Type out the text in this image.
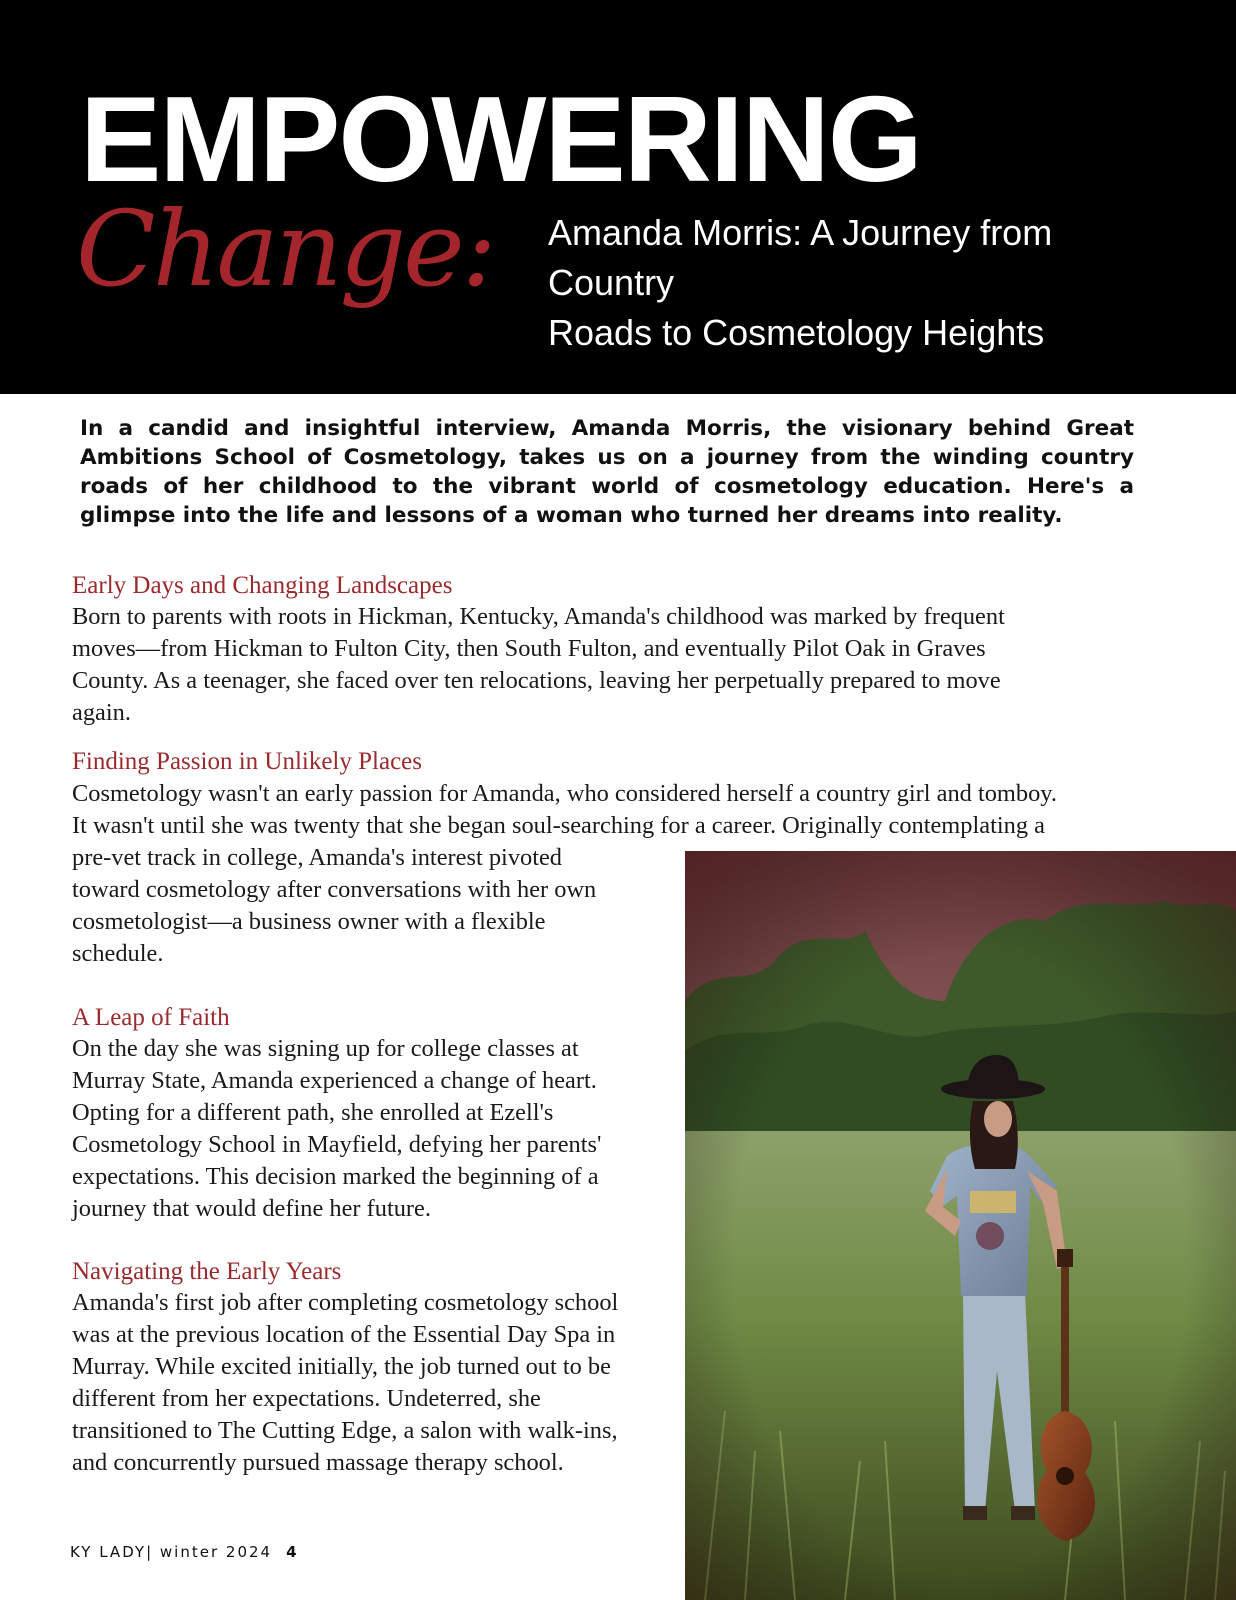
EMPOWERING
Change: Amanda Morris: A Journey from Country
Roads to Cosmetology Heights

In a candid and insightful interview, Amanda Morris, the visionary behind Great Ambitions School of Cosmetology, takes us on a journey from the winding country roads of her childhood to the vibrant world of cosmetology education. Here's a glimpse into the life and lessons of a woman who turned her dreams into reality.

Early Days and Changing Landscapes
Born to parents with roots in Hickman, Kentucky, Amanda's childhood was marked by frequent
moves—from Hickman to Fulton City, then South Fulton, and eventually Pilot Oak in Graves
County. As a teenager, she faced over ten relocations, leaving her perpetually prepared to move
again.
Finding Passion in Unlikely Places
Cosmetology wasn't an early passion for Amanda, who considered herself a country girl and tomboy.
It wasn't until she was twenty that she began soul-searching for a career. Originally contemplating a
pre-vet track in college, Amanda's interest pivoted
toward cosmetology after conversations with her own
cosmetologist—a business owner with a flexible
schedule.
A Leap of Faith
On the day she was signing up for college classes at
Murray State, Amanda experienced a change of heart.
Opting for a different path, she enrolled at Ezell's
Cosmetology School in Mayfield, defying her parents'
expectations. This decision marked the beginning of a
journey that would define her future.
Navigating the Early Years
Amanda's first job after completing cosmetology school
was at the previous location of the Essential Day Spa in
Murray. While excited initially, the job turned out to be
different from her expectations. Undeterred, she
transitioned to The Cutting Edge, a salon with walk-ins,
and concurrently pursued massage therapy school.
KY LADY| winter 2024 4
